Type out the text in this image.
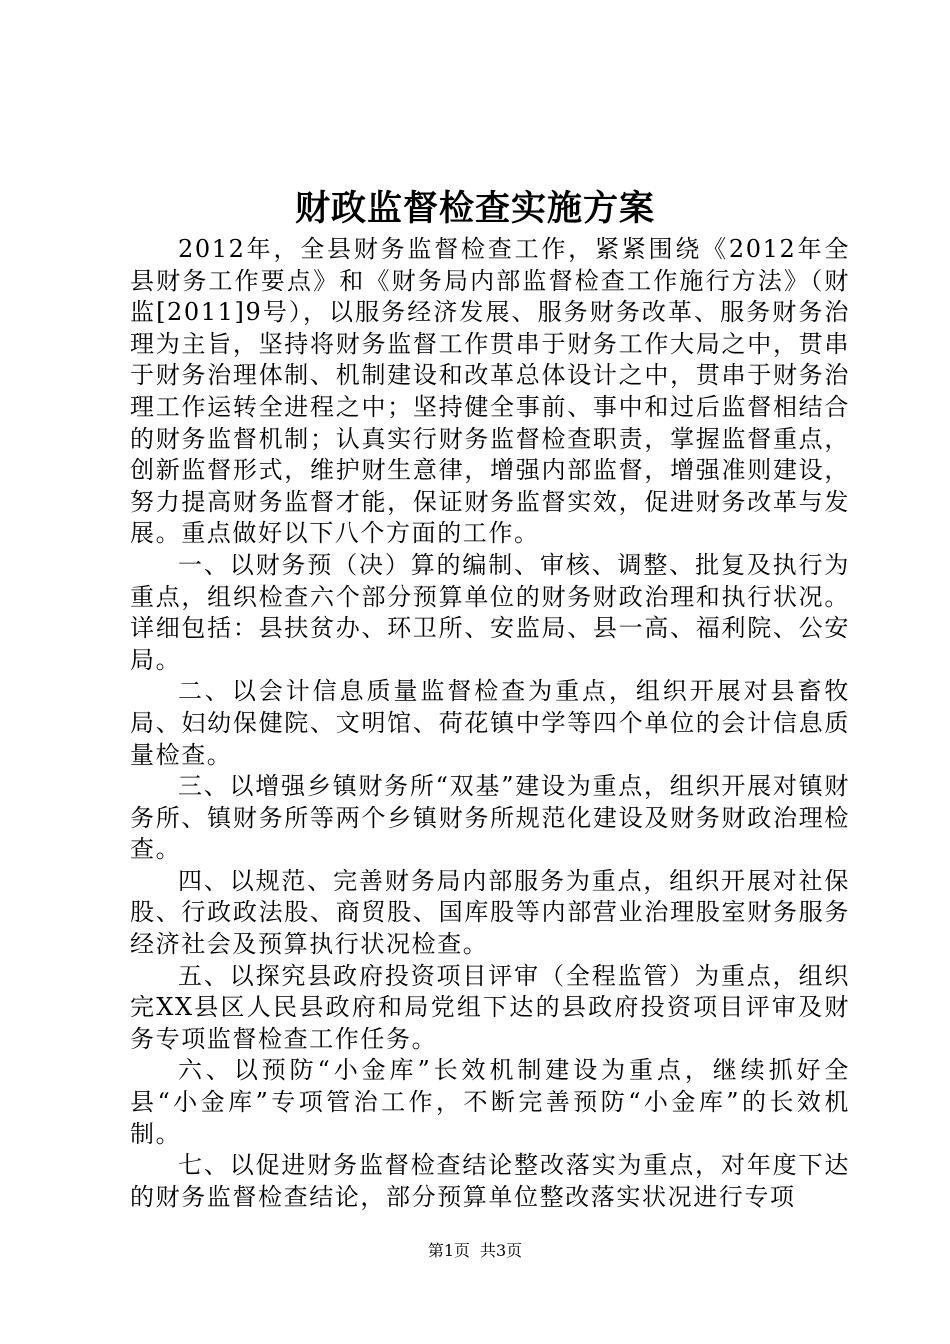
财政监督检查实施方案

2012年，全县财务监督检查工作，紧紧围绕《2012年全县财务工作要点》和《财务局内部监督检查工作施行方法》（财监[2011]9号），以服务经济发展、服务财务改革、服务财务治理为主旨，坚持将财务监督工作贯串于财务工作大局之中，贯串于财务治理体制、机制建设和改革总体设计之中，贯串于财务治理工作运转全进程之中；坚持健全事前、事中和过后监督相结合的财务监督机制；认真实行财务监督检查职责，掌握监督重点，创新监督形式，维护财生意律，增强内部监督，增强准则建设，努力提高财务监督才能，保证财务监督实效，促进财务改革与发展。重点做好以下八个方面的工作。

一、以财务预（决）算的编制、审核、调整、批复及执行为重点，组织检查六个部分预算单位的财务财政治理和执行状况。详细包括：县扶贫办、环卫所、安监局、县一高、福利院、公安局。

二、以会计信息质量监督检查为重点，组织开展对县畜牧局、妇幼保健院、文明馆、荷花镇中学等四个单位的会计信息质量检查。

三、以增强乡镇财务所“双基”建设为重点，组织开展对镇财务所、镇财务所等两个乡镇财务所规范化建设及财务财政治理检查。

四、以规范、完善财务局内部服务为重点，组织开展对社保股、行政政法股、商贸股、国库股等内部营业治理股室财务服务经济社会及预算执行状况检查。

五、以探究县政府投资项目评审（全程监管）为重点，组织完XX县区人民县政府和局党组下达的县政府投资项目评审及财务专项监督检查工作任务。

六、以预防“小金库”长效机制建设为重点，继续抓好全县“小金库”专项管治工作，不断完善预防“小金库”的长效机制。

七、以促进财务监督检查结论整改落实为重点，对年度下达的财务监督检查结论，部分预算单位整改落实状况进行专项

第1页 共3页
